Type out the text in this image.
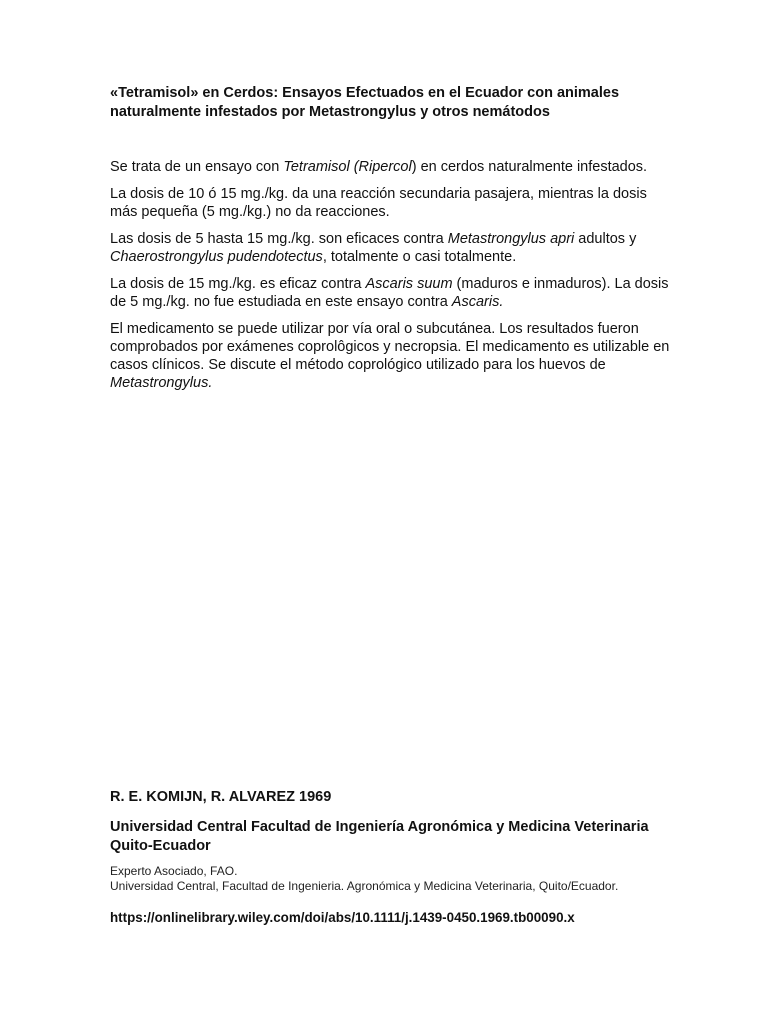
«Tetramisol» en Cerdos: Ensayos Efectuados en el Ecuador con animales naturalmente infestados por Metastrongylus y otros nemátodos

Se trata de un ensayo con Tetramisol (Ripercol) en cerdos naturalmente infestados.

La dosis de 10 ó 15 mg./kg. da una reacción secundaria pasajera, mientras la dosis más pequeña (5 mg./kg.) no da reacciones.

Las dosis de 5 hasta 15 mg./kg. son eficaces contra Metastrongylus apri adultos y Chaerostrongylus pudendotectus, totalmente o casi totalmente.

La dosis de 15 mg./kg. es eficaz contra Ascaris suum (maduros e inmaduros). La dosis de 5 mg./kg. no fue estudiada en este ensayo contra Ascaris.

El medicamento se puede utilizar por vía oral o subcutánea. Los resultados fueron comprobados por exámenes coprolôgicos y necropsia. El medicamento es utilizable en casos clínicos. Se discute el método coprológico utilizado para los huevos de Metastrongylus.

R. E. KOMIJN, R. ALVAREZ 1969

Universidad Central Facultad de Ingeniería Agronómica y Medicina Veterinaria Quito-Ecuador

Experto Asociado, FAO.
Universidad Central, Facultad de Ingenieria. Agronómica y Medicina Veterinaria, Quito/Ecuador.
https://onlinelibrary.wiley.com/doi/abs/10.1111/j.1439-0450.1969.tb00090.x
